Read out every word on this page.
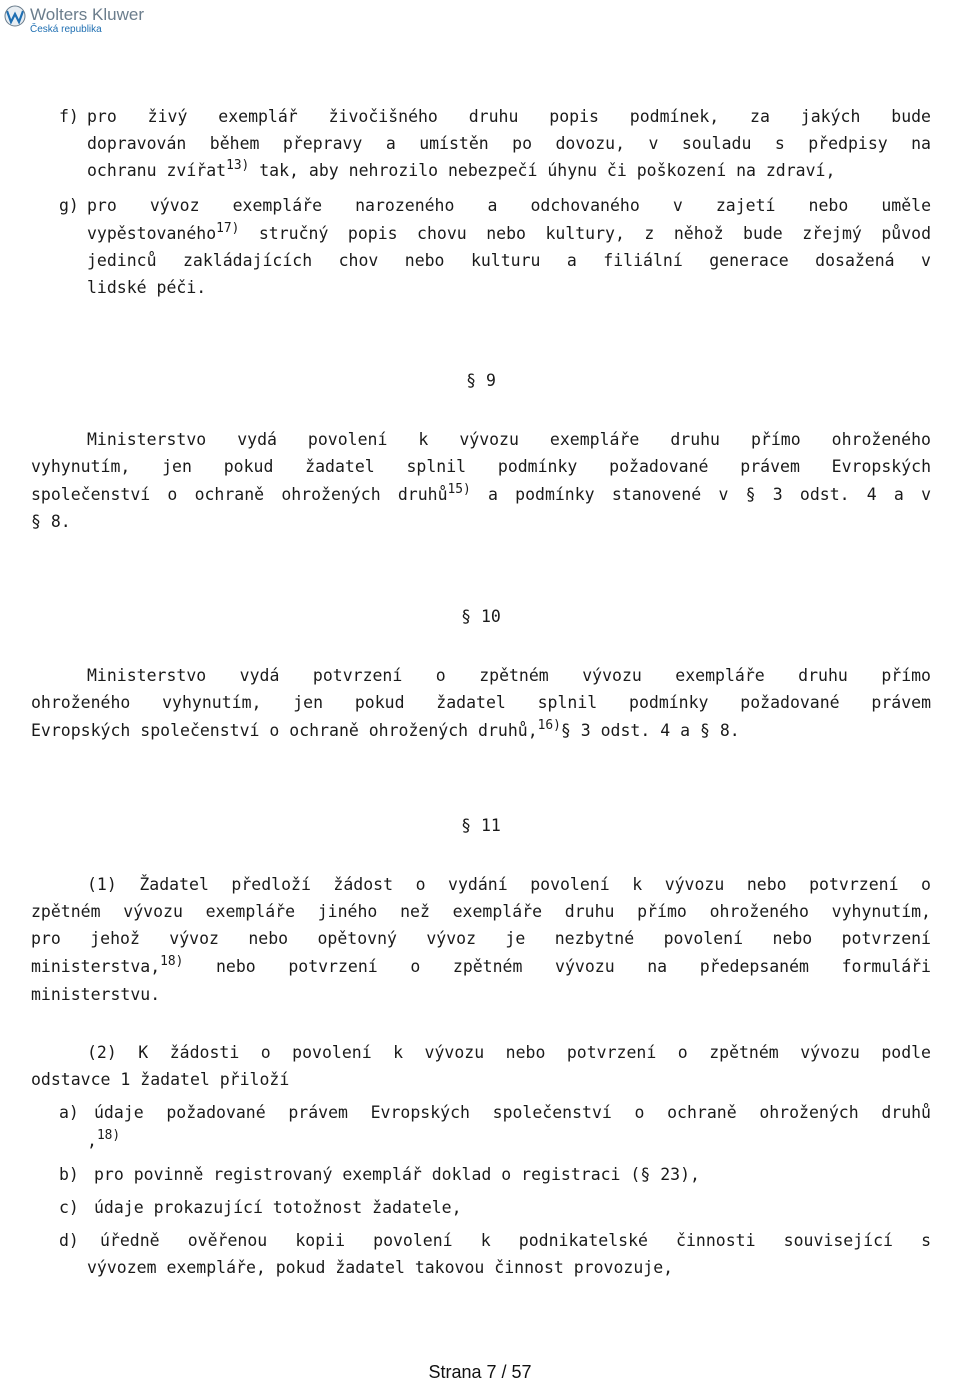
Wolters Kluwer
Česká republika
f) pro živý exemplář živočišného druhu popis podmínek, za jakých bude
dopravován během přepravy a umístěn po dovozu, v souladu s předpisy na
ochranu zvířat$^{13)}$ tak, aby nehrozilo nebezpečí úhynu či poškození na zdraví,
g) pro vývoz exempláře narozeného a odchovaného v zajetí nebo uměle
vypěstovaného$^{17)}$ stručný popis chovu nebo kultury, z něhož bude zřejmý původ
jedinců zakládajících chov nebo kulturu a filiální generace dosažená v
lidské péči.
§ 9
Ministerstvo vydá povolení k vývozu exempláře druhu přímo ohroženého
vyhynutím, jen pokud žadatel splnil podmínky požadované právem Evropských
společenství o ochraně ohrožených druhů$^{15)}$ a podmínky stanovené v § 3 odst. 4 a v
§ 8.
§ 10
Ministerstvo vydá potvrzení o zpětném vývozu exempláře druhu přímo
ohroženého vyhynutím, jen pokud žadatel splnil podmínky požadované právem
Evropských společenství o ochraně ohrožených druhů,$^{16)}$§ 3 odst. 4 a § 8.
§ 11
(1) Žadatel předloží žádost o vydání povolení k vývozu nebo potvrzení o
zpětném vývozu exempláře jiného než exempláře druhu přímo ohroženého vyhynutím,
pro jehož vývoz nebo opětovný vývoz je nezbytné povolení nebo potvrzení
ministerstva,$^{18)}$ nebo potvrzení o zpětném vývozu na předepsaném formuláři
ministerstvu.
(2) K žádosti o povolení k vývozu nebo potvrzení o zpětném vývozu podle
odstavce 1 žadatel přiloží
a) údaje požadované právem Evropských společenství o ochraně ohrožených druhů
,$^{18)}$
b) pro povinně registrovaný exemplář doklad o registraci (§ 23),
c) údaje prokazující totožnost žadatele,
d) úředně ověřenou kopii povolení k podnikatelské činnosti související s
vývozem exempláře, pokud žadatel takovou činnost provozuje,
Strana 7 / 57
